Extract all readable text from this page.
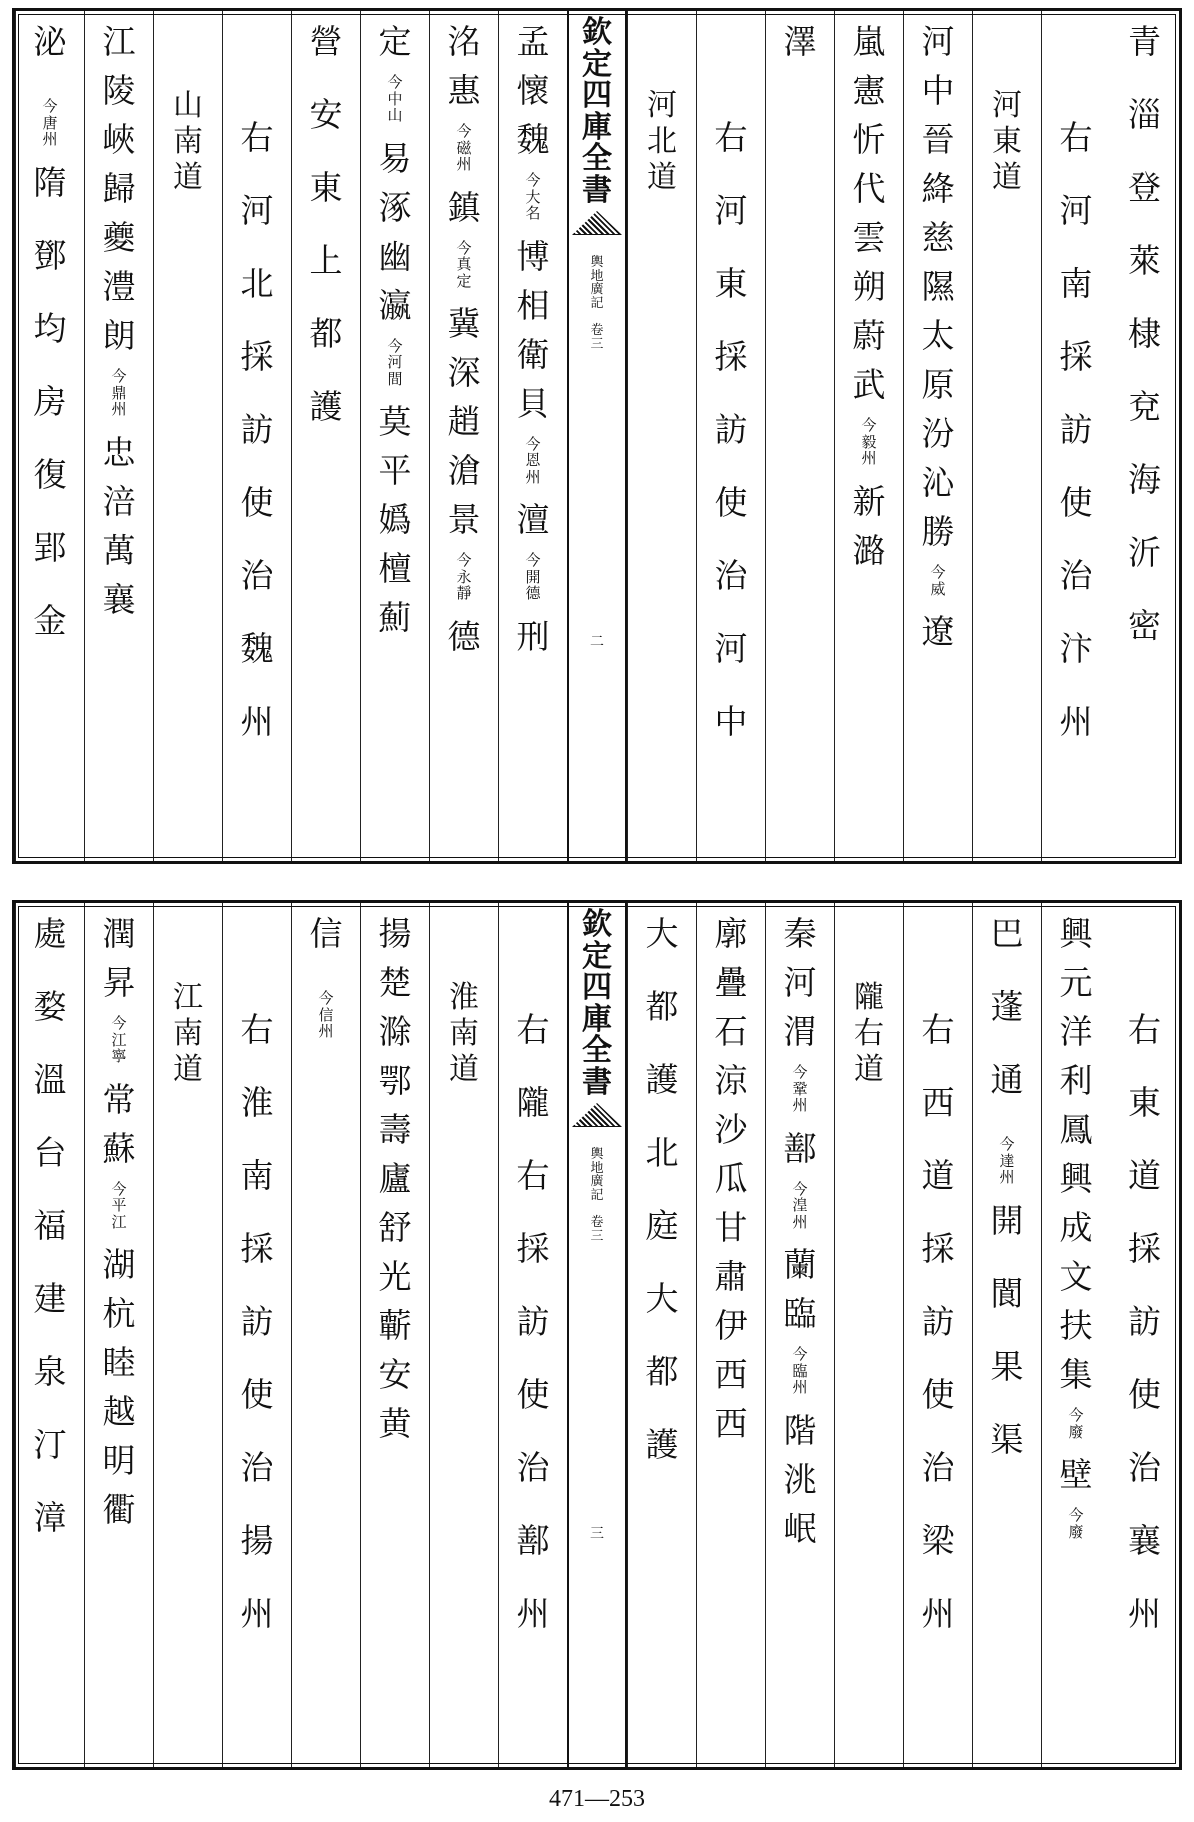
青
淄
登
萊
棣
兗
海
沂
密
右
河
南
採
訪
使
治
汴
州
河
東
道
河
中
晉
絳
慈
隰
太
原
汾
沁
勝
今
威
遼
嵐
憲
忻
代
雲
朔
蔚
武
今
毅
州
新
潞
澤
右
河
東
採
訪
使
治
河
中
河
北
道
欽
定
四
庫
全
書
輿
地
廣
記

卷
三
二
孟
懷
魏
今
大
名
博
相
衛
貝
今
恩
州
澶
今
開
德
刑
洺
惠
今
磁
州
鎮
今
真
定
冀
深
趙
滄
景
今
永
靜
德
定
今
中
山
易
涿
幽
瀛
今
河
間
莫
平
嬀
檀
薊
營
安
東
上
都
護
右
河
北
採
訪
使
治
魏
州
山
南
道
江
陵
峽
歸
夔
澧
朗
今
鼎
州
忠
涪
萬
襄
泌
今
唐
州
隋
鄧
均
房
復
郢
金
右
東
道
採
訪
使
治
襄
州
興
元
洋
利
鳳
興
成
文
扶
集
今
廢
壁
今
廢
巴
蓬
通
今
達
州
開
閬
果
渠
右
西
道
採
訪
使
治
梁
州
隴
右
道
秦
河
渭
今
鞏
州
鄯
今
湟
州
蘭
臨
今
臨
州
階
洮
岷
廓
疊
石
涼
沙
瓜
甘
肅
伊
西
西
大
都
護
北
庭
大
都
護
欽
定
四
庫
全
書
輿
地
廣
記

卷
三
三
右
隴
右
採
訪
使
治
鄯
州
淮
南
道
揚
楚
滁
鄂
壽
廬
舒
光
蘄
安
黄
信
今
信
州
右
淮
南
採
訪
使
治
揚
州
江
南
道
潤
昇
今
江
寧
常
蘇
今
平
江
湖
杭
睦
越
明
衢
處
婺
溫
台
福
建
泉
汀
漳
471—253
